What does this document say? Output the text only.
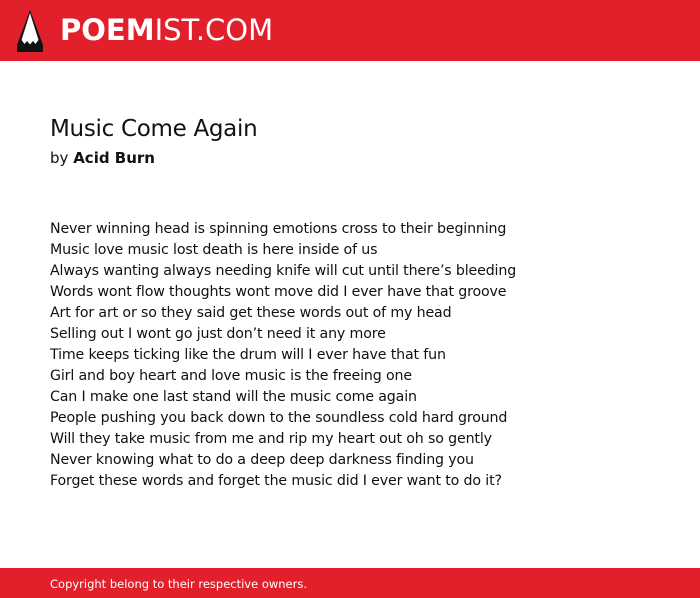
POEMIST.COM
Music Come Again
by Acid Burn
Never winning head is spinning emotions cross to their beginning
Music love music lost death is here inside of us
Always wanting always needing knife will cut until there’s bleeding
Words wont flow thoughts wont move did I ever have that groove
Art for art or so they said get these words out of my head
Selling out I wont go just don’t need it any more
Time keeps ticking like the drum will I ever have that fun
Girl and boy heart and love music is the freeing one
Can I make one last stand will the music come again
People pushing you back down to the soundless cold hard ground
Will they take music from me and rip my heart out oh so gently
Never knowing what to do a deep deep darkness finding you
Forget these words and forget the music did I ever want to do it?
Copyright belong to their respective owners.
